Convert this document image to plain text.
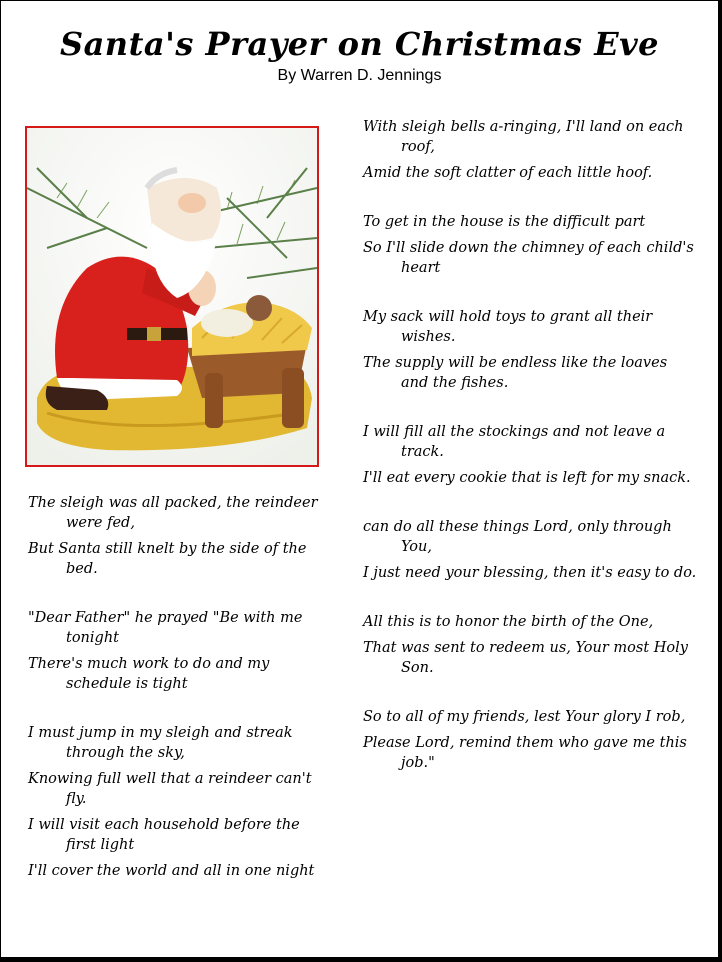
Santa's Prayer on Christmas Eve
By Warren D. Jennings
The sleigh was all packed, the reindeer were fed,
But Santa still knelt by the side of the bed.
"Dear Father" he prayed "Be with me tonight
There's much work to do and my schedule is tight
I must jump in my sleigh and streak through the sky,
Knowing full well that a reindeer can't fly.
I will visit each household before the first light
I'll cover the world and all in one night
With sleigh bells a-ringing, I'll land on each roof,
Amid the soft clatter of each little hoof.
To get in the house is the difficult part
So I'll slide down the chimney of each child's heart
My sack will hold toys to grant all their wishes.
The supply will be endless like the loaves and the fishes.
I will fill all the stockings and not leave a track.
I'll eat every cookie that is left for my snack.
can do all these things Lord, only through You,
I just need your blessing, then it's easy to do.
All this is to honor the birth of the One,
That was sent to redeem us, Your most Holy Son.
So to all of my friends, lest Your glory I rob,
Please Lord, remind them who gave me this job."
